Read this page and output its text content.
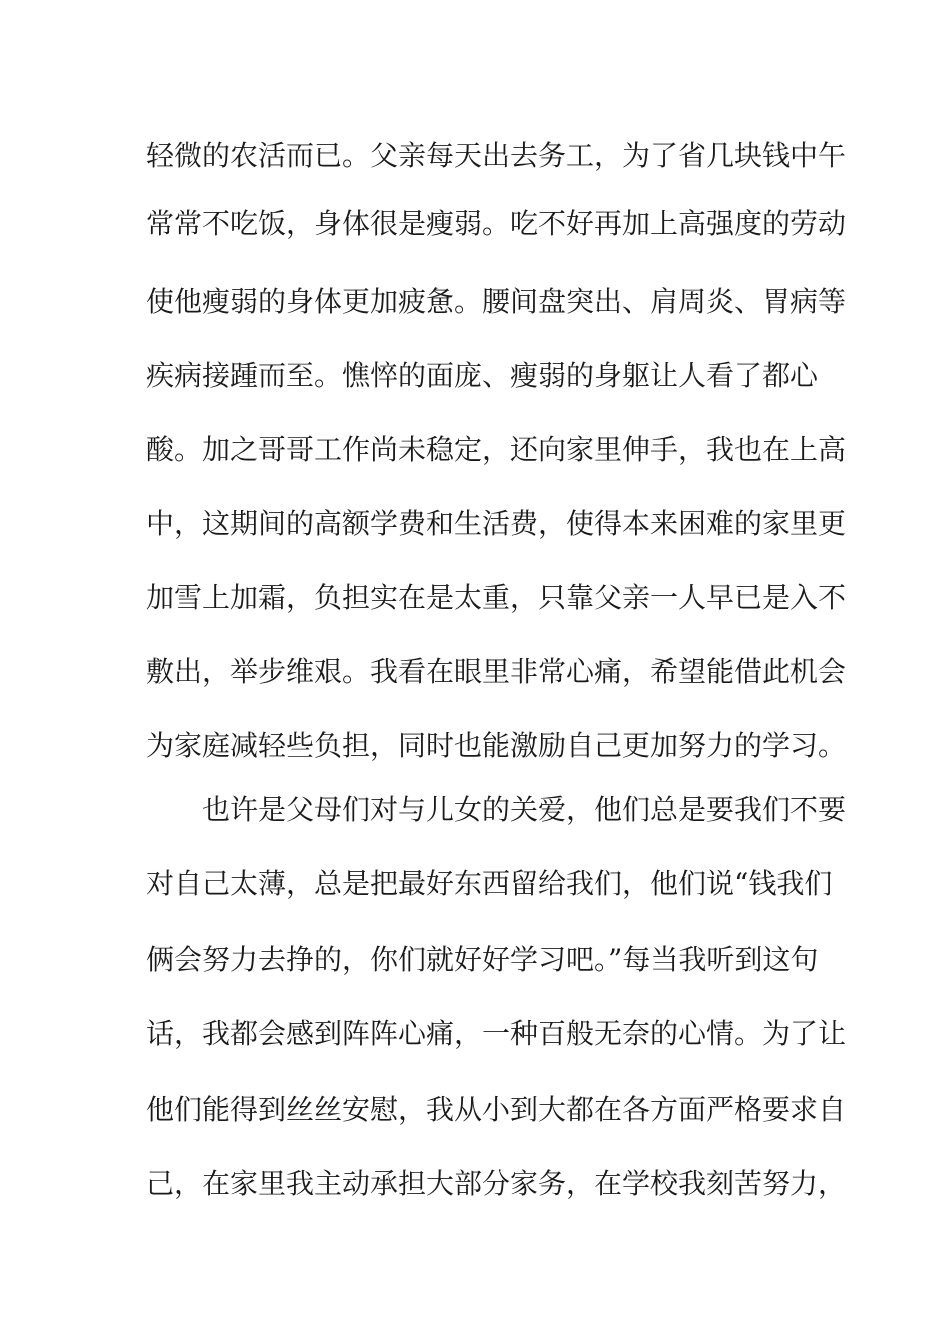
轻微的农活而已。父亲每天出去务工，为了省几块钱中午
常常不吃饭，身体很是瘦弱。吃不好再加上高强度的劳动
使他瘦弱的身体更加疲惫。腰间盘突出、肩周炎、胃病等
疾病接踵而至。憔悴的面庞、瘦弱的身躯让人看了都心
酸。加之哥哥工作尚未稳定，还向家里伸手，我也在上高
中，这期间的高额学费和生活费，使得本来困难的家里更
加雪上加霜，负担实在是太重，只靠父亲一人早已是入不
敷出，举步维艰。我看在眼里非常心痛，希望能借此机会
为家庭减轻些负担，同时也能激励自己更加努力的学习。
　　也许是父母们对与儿女的关爱，他们总是要我们不要
对自己太薄，总是把最好东西留给我们，他们说“钱我们
俩会努力去挣的，你们就好好学习吧。”每当我听到这句
话，我都会感到阵阵心痛，一种百般无奈的心情。为了让
他们能得到丝丝安慰，我从小到大都在各方面严格要求自
己，在家里我主动承担大部分家务，在学校我刻苦努力，
